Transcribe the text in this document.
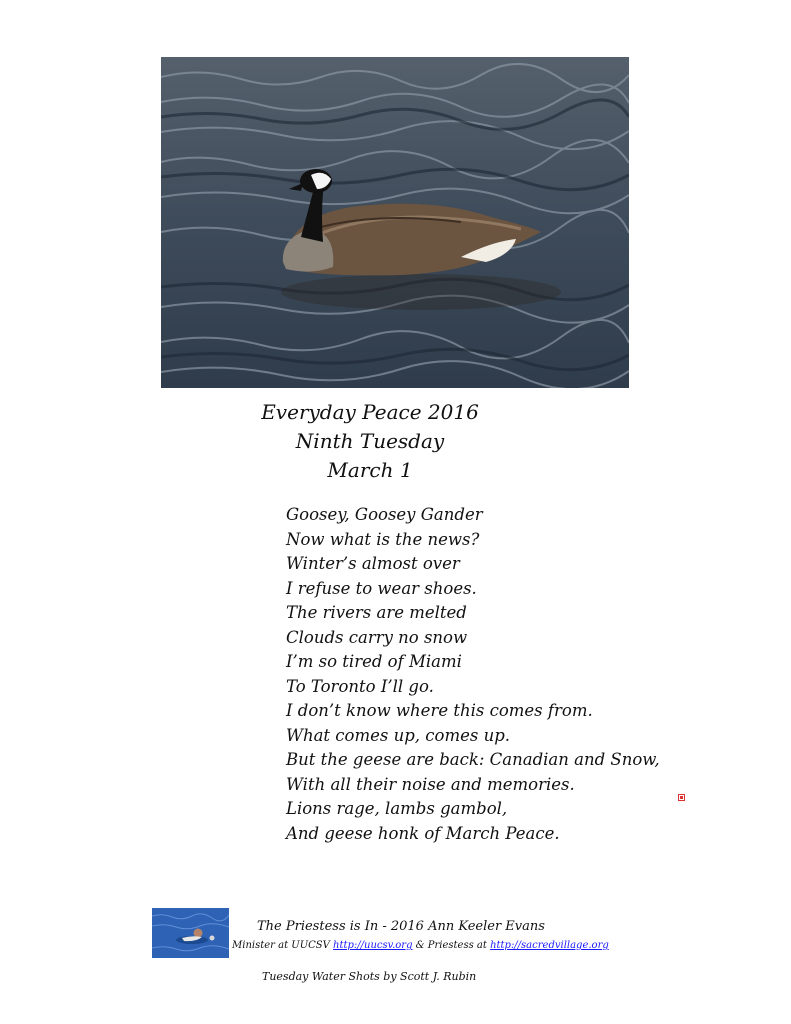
Everyday Peace 2016
Ninth Tuesday
March 1
Goosey, Goosey Gander
Now what is the news?
Winter’s almost over
I refuse to wear shoes.
The rivers are melted
Clouds carry no snow
I’m so tired of Miami
To Toronto I’ll go.
I don’t know where this comes from.
What comes up, comes up.
But the geese are back: Canadian and Snow,
With all their noise and memories.
Lions rage, lambs gambol,
And geese honk of March Peace.
The Priestess is In - 2016 Ann Keeler Evans
Minister at UUCSV http://uucsv.org & Priestess at http://sacredvillage.org
Tuesday Water Shots by Scott J. Rubin
